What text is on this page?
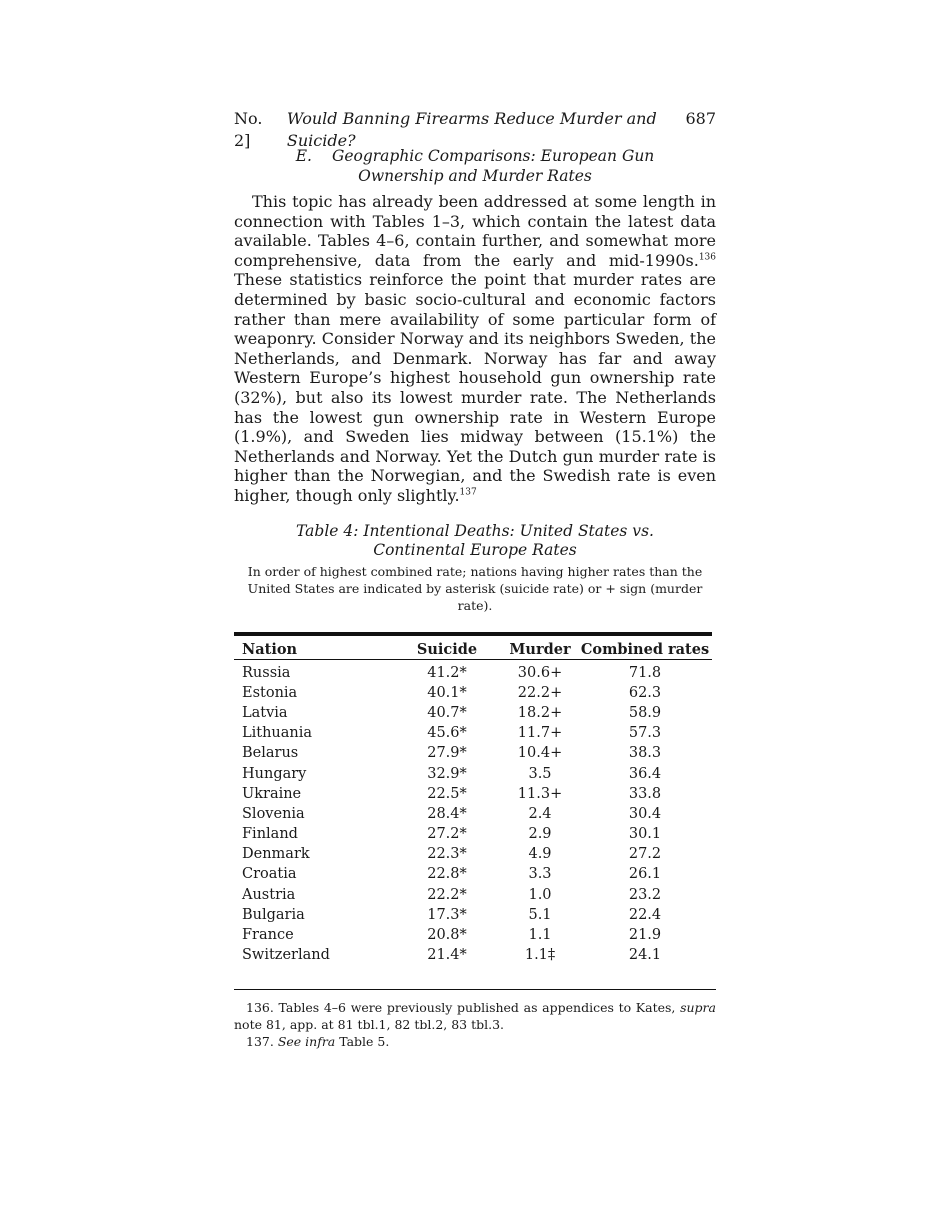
No. 2]
Would Banning Firearms Reduce Murder and Suicide?
687
E. Geographic Comparisons: European Gun
Ownership and Murder Rates

This topic has already been addressed at some length in connection with Tables 1–3, which contain the latest data available. Tables 4–6, contain further, and somewhat more comprehensive, data from the early and mid-1990s.$^{136}$ These statistics reinforce the point that murder rates are determined by basic socio-cultural and economic factors rather than mere availability of some particular form of weaponry. Consider Norway and its neighbors Sweden, the Netherlands, and Denmark. Norway has far and away Western Europe’s highest household gun ownership rate (32%), but also its lowest murder rate. The Netherlands has the lowest gun ownership rate in Western Europe (1.9%), and Sweden lies midway between (15.1%) the Netherlands and Norway. Yet the Dutch gun murder rate is higher than the Norwegian, and the Swedish rate is even higher, though only slightly.$^{137}$

Table 4: Intentional Deaths: United States vs.
Continental Europe Rates
In order of highest combined rate; nations having higher rates than the
United States are indicated by asterisk (suicide rate) or + sign (murder rate).
Nation	Suicide	Murder	Combined rates

Russia	41.2*	30.6+	71.8
Estonia	40.1*	22.2+	62.3
Latvia	40.7*	18.2+	58.9
Lithuania	45.6*	11.7+	57.3
Belarus	27.9*	10.4+	38.3
Hungary	32.9*	3.5	36.4
Ukraine	22.5*	11.3+	33.8
Slovenia	28.4*	2.4	30.4
Finland	27.2*	2.9	30.1
Denmark	22.3*	4.9	27.2
Croatia	22.8*	3.3	26.1
Austria	22.2*	1.0	23.2
Bulgaria	17.3*	5.1	22.4
France	20.8*	1.1	21.9
Switzerland	21.4*	1.1‡	24.1

136. Tables 4–6 were previously published as appendices to Kates, supra note 81, app. at 81 tbl.1, 82 tbl.2, 83 tbl.3.

137. See infra Table 5.
